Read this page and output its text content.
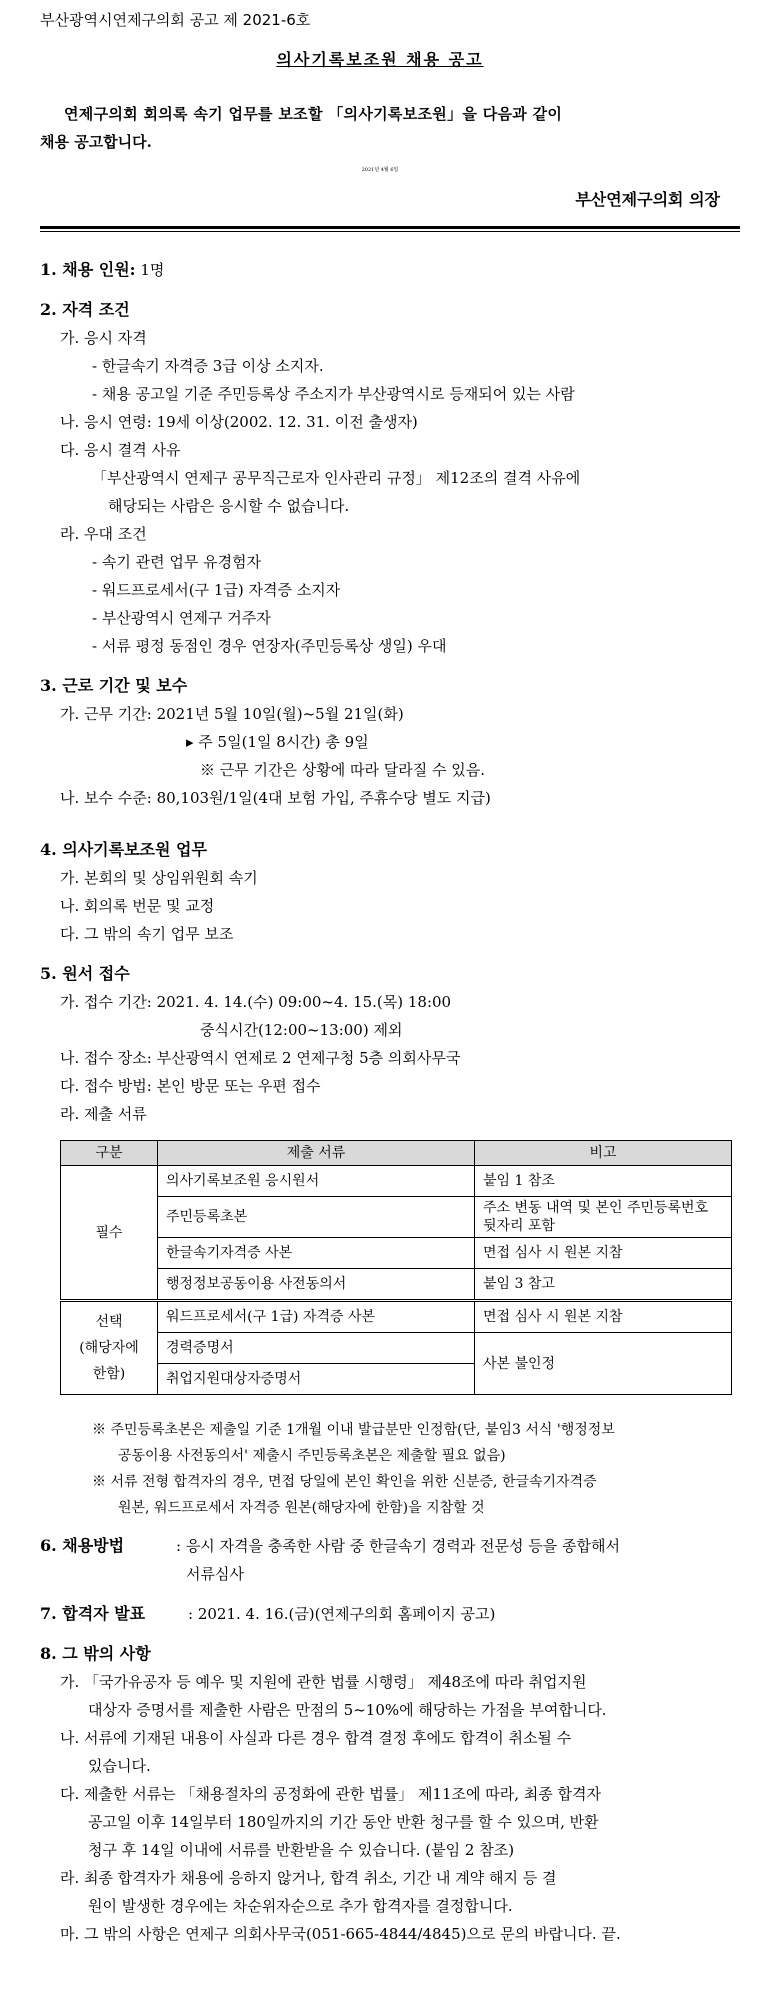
부산광역시연제구의회 공고 제 2021-6호
의사기록보조원 채용 공고
연제구의회 회의록 속기 업무를 보조할 「의사기록보조원」을 다음과 같이
채용 공고합니다.
2021년 4월 6일
부산연제구의회 의장
1. 채용 인원: 1명
2. 자격 조건
가. 응시 자격
- 한글속기 자격증 3급 이상 소지자.
- 채용 공고일 기준 주민등록상 주소지가 부산광역시로 등재되어 있는 사람
나. 응시 연령: 19세 이상(2002. 12. 31. 이전 출생자)
다. 응시 결격 사유
「부산광역시 연제구 공무직근로자 인사관리 규정」 제12조의 결격 사유에
해당되는 사람은 응시할 수 없습니다.
라. 우대 조건
- 속기 관련 업무 유경험자
- 워드프로세서(구 1급) 자격증 소지자
- 부산광역시 연제구 거주자
- 서류 평정 동점인 경우 연장자(주민등록상 생일) 우대
3. 근로 기간 및 보수
가. 근무 기간: 2021년 5월 10일(월)~5월 21일(화)
▸ 주 5일(1일 8시간) 총 9일
※ 근무 기간은 상황에 따라 달라질 수 있음.
나. 보수 수준: 80,103원/1일(4대 보험 가입, 주휴수당 별도 지급)
4. 의사기록보조원 업무
가. 본회의 및 상임위원회 속기
나. 회의록 번문 및 교정
다. 그 밖의 속기 업무 보조
5. 원서 접수
가. 접수 기간: 2021. 4. 14.(수) 09:00~4. 15.(목) 18:00
중식시간(12:00~13:00) 제외
나. 접수 장소: 부산광역시 연제로 2 연제구청 5층 의회사무국
다. 접수 방법: 본인 방문 또는 우편 접수
라. 제출 서류
구분	제출 서류	비고
필수	의사기록보조원 응시원서	붙임 1 참조
	주민등록초본	주소 변동 내역 및 본인 주민등록번호 뒷자리 포함
	한글속기자격증 사본	면접 심사 시 원본 지참
	행정정보공동이용 사전동의서	붙임 3 참고
선택
(해당자에
한함)	워드프로세서(구 1급) 자격증 사본	면접 심사 시 원본 지참
	경력증명서	사본 불인정
	취업지원대상자증명서	
※ 주민등록초본은 제출일 기준 1개월 이내 발급분만 인정함(단, 붙임3 서식 '행정정보
공동이용 사전동의서' 제출시 주민등록초본은 제출할 필요 없음)
※ 서류 전형 합격자의 경우, 면접 당일에 본인 확인을 위한 신분증, 한글속기자격증
원본, 워드프로세서 자격증 원본(해당자에 한함)을 지참할 것
6. 채용방법	: 응시 자격을 충족한 사람 중 한글속기 경력과 전문성 등을 종합해서
서류심사
7. 합격자 발표	: 2021. 4. 16.(금)(연제구의회 홈페이지 공고)
8. 그 밖의 사항
가. 「국가유공자 등 예우 및 지원에 관한 법률 시행령」 제48조에 따라 취업지원
대상자 증명서를 제출한 사람은 만점의 5~10%에 해당하는 가점을 부여합니다.
나. 서류에 기재된 내용이 사실과 다른 경우 합격 결정 후에도 합격이 취소될 수
있습니다.
다. 제출한 서류는 「채용절차의 공정화에 관한 법률」 제11조에 따라, 최종 합격자
공고일 이후 14일부터 180일까지의 기간 동안 반환 청구를 할 수 있으며, 반환
청구 후 14일 이내에 서류를 반환받을 수 있습니다. (붙임 2 참조)
라. 최종 합격자가 채용에 응하지 않거나, 합격 취소, 기간 내 계약 해지 등 결
원이 발생한 경우에는 차순위자순으로 추가 합격자를 결정합니다.
마. 그 밖의 사항은 연제구 의회사무국(051-665-4844/4845)으로 문의 바랍니다. 끝.
